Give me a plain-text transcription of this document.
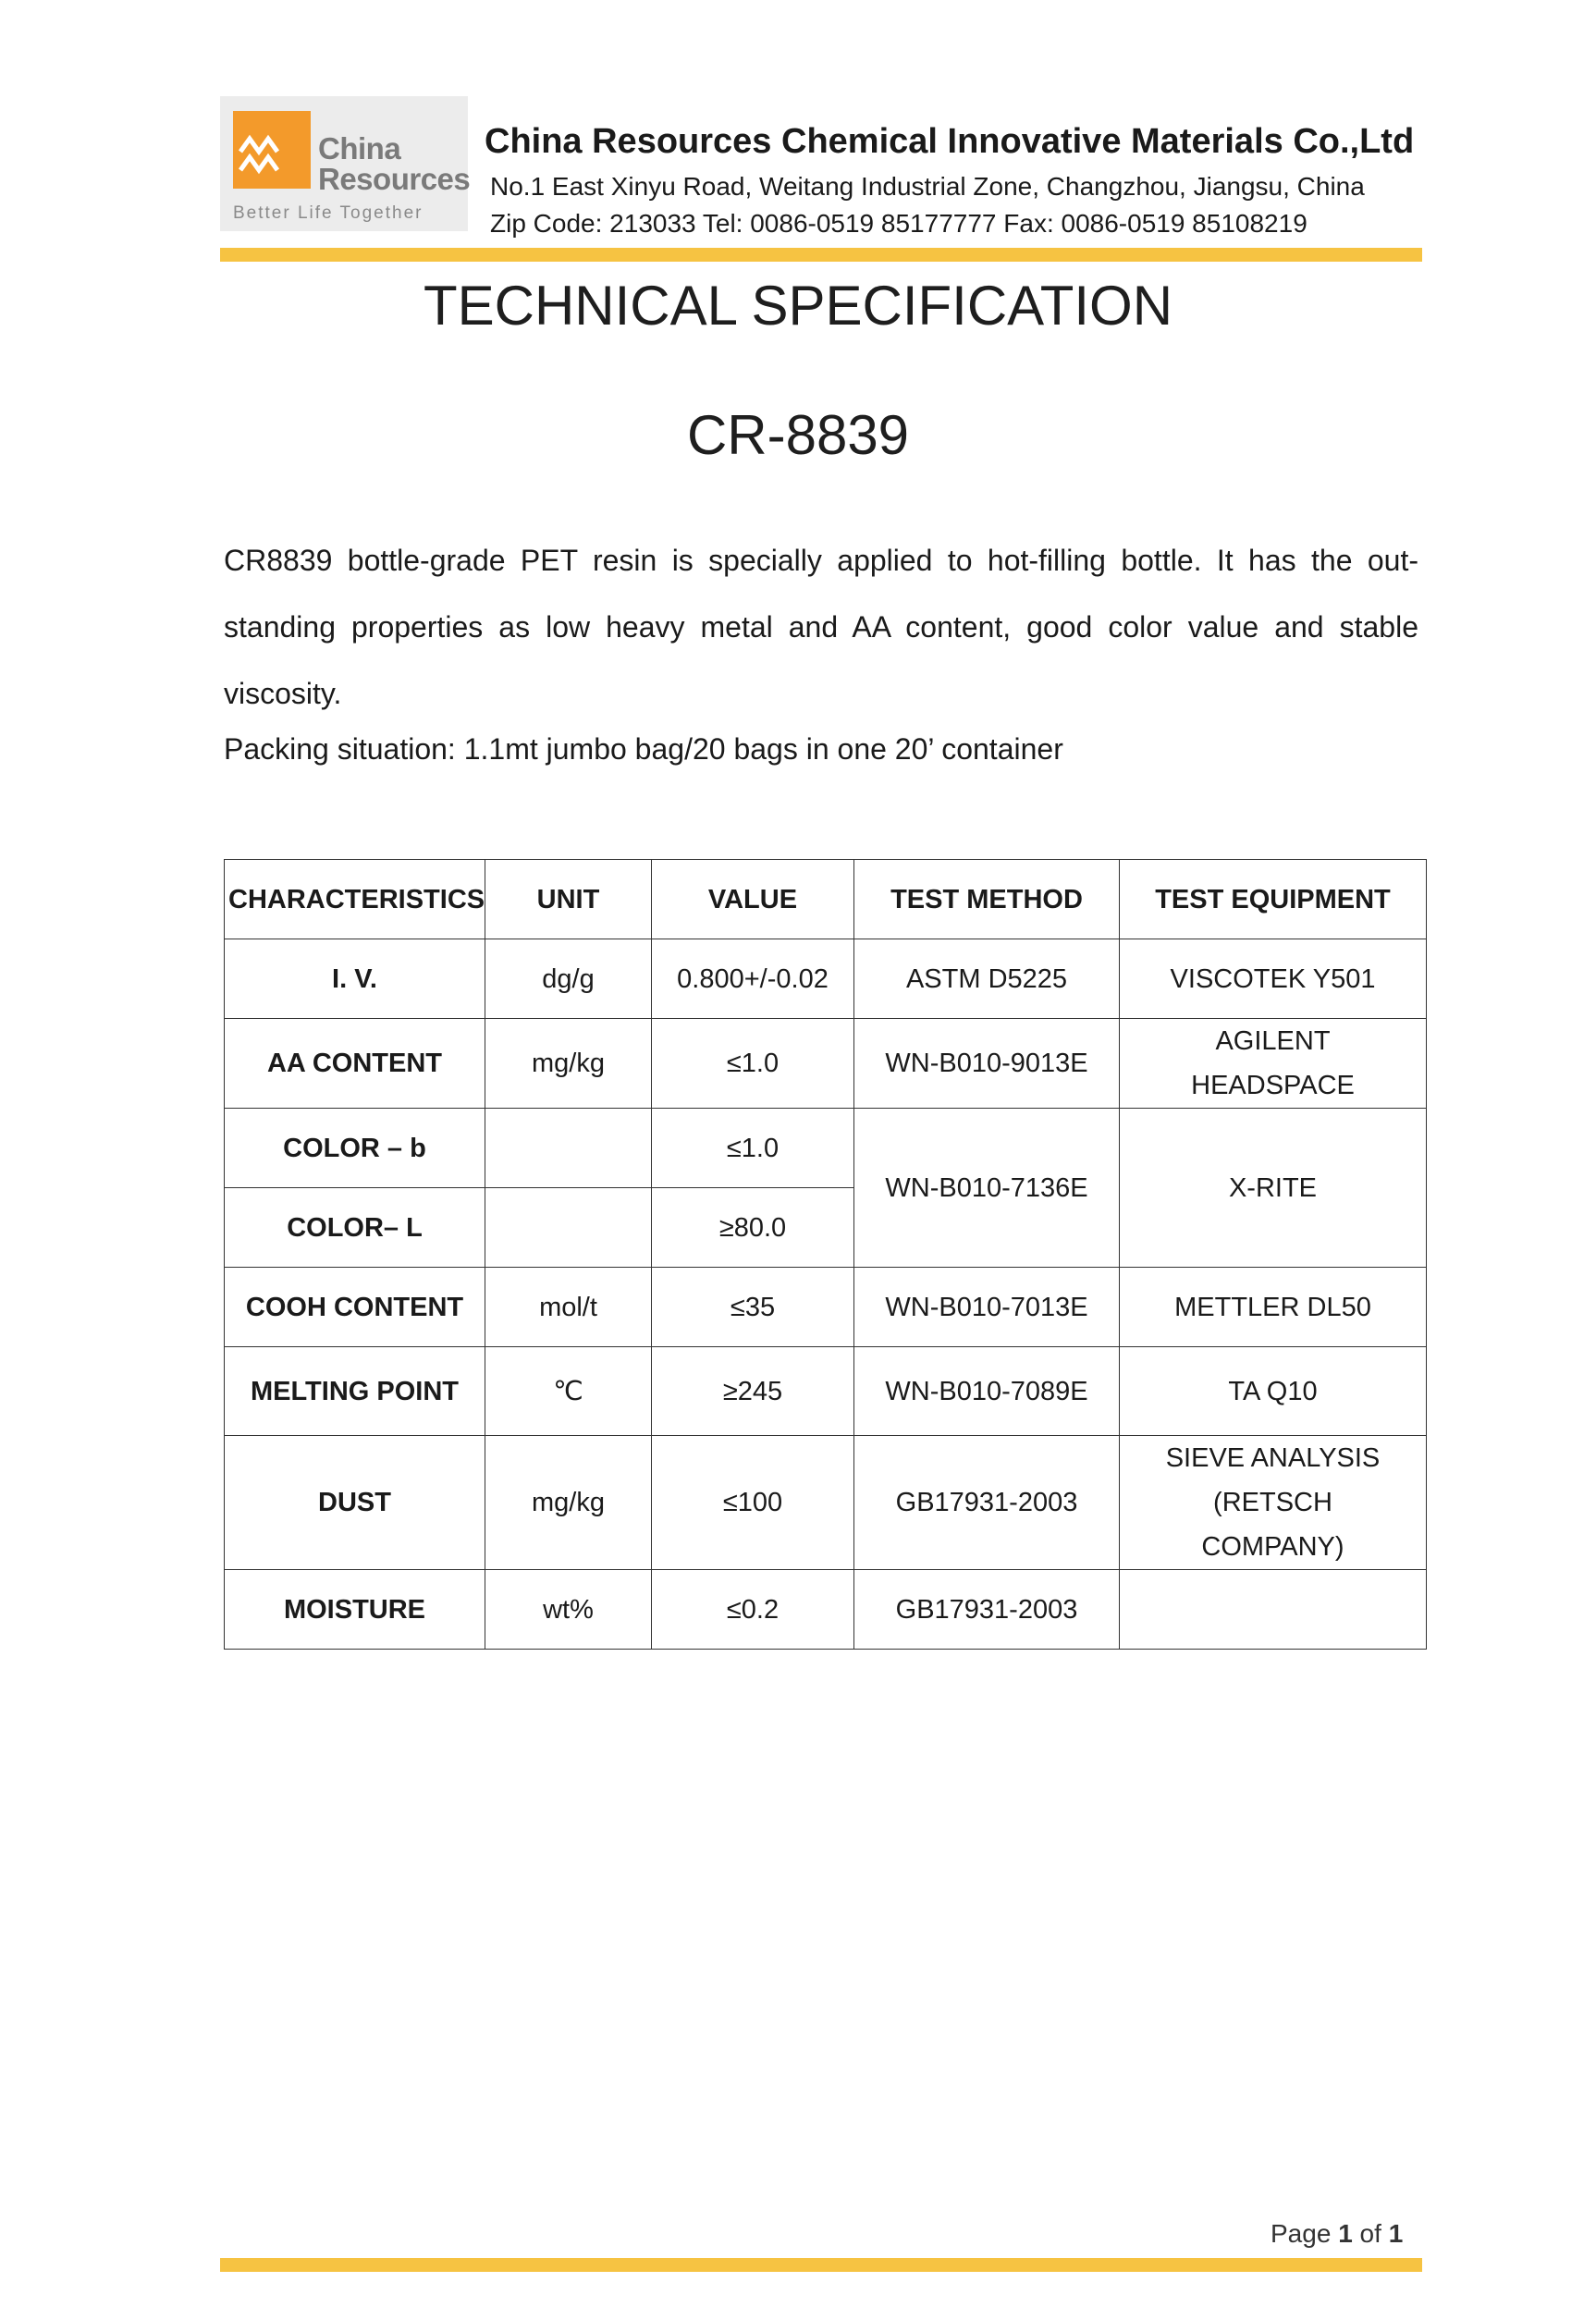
China
Resources
Better Life Together
China Resources Chemical Innovative Materials Co.,Ltd
No.1 East Xinyu Road, Weitang Industrial Zone, Changzhou, Jiangsu, China
Zip Code: 213033 Tel: 0086-0519 85177777 Fax: 0086-0519 85108219
TECHNICAL SPECIFICATION
CR-8839

CR8839 bottle-grade PET resin is specially applied to hot-filling bottle. It has the out-standing properties as low heavy metal and AA content, good color value and stable viscosity.

Packing situation: 1.1mt jumbo bag/20 bags in one 20’ container
CHARACTERISTICS	UNIT	VALUE	TEST METHOD	TEST EQUIPMENT
I. V.	dg/g	0.800+/-0.02	ASTM D5225	VISCOTEK Y501
AA CONTENT	mg/kg	≤1.0	WN-B010-9013E	AGILENT HEADSPACE
COLOR – b		≤1.0	WN-B010-7136E	X-RITE
COLOR– L		≥80.0		
COOH CONTENT	mol/t	≤35	WN-B010-7013E	METTLER DL50
MELTING POINT	℃	≥245	WN-B010-7089E	TA Q10
DUST	mg/kg	≤100	GB17931-2003	SIEVE ANALYSIS (RETSCH COMPANY)
MOISTURE	wt%	≤0.2	GB17931-2003	
Page 1 of 1
